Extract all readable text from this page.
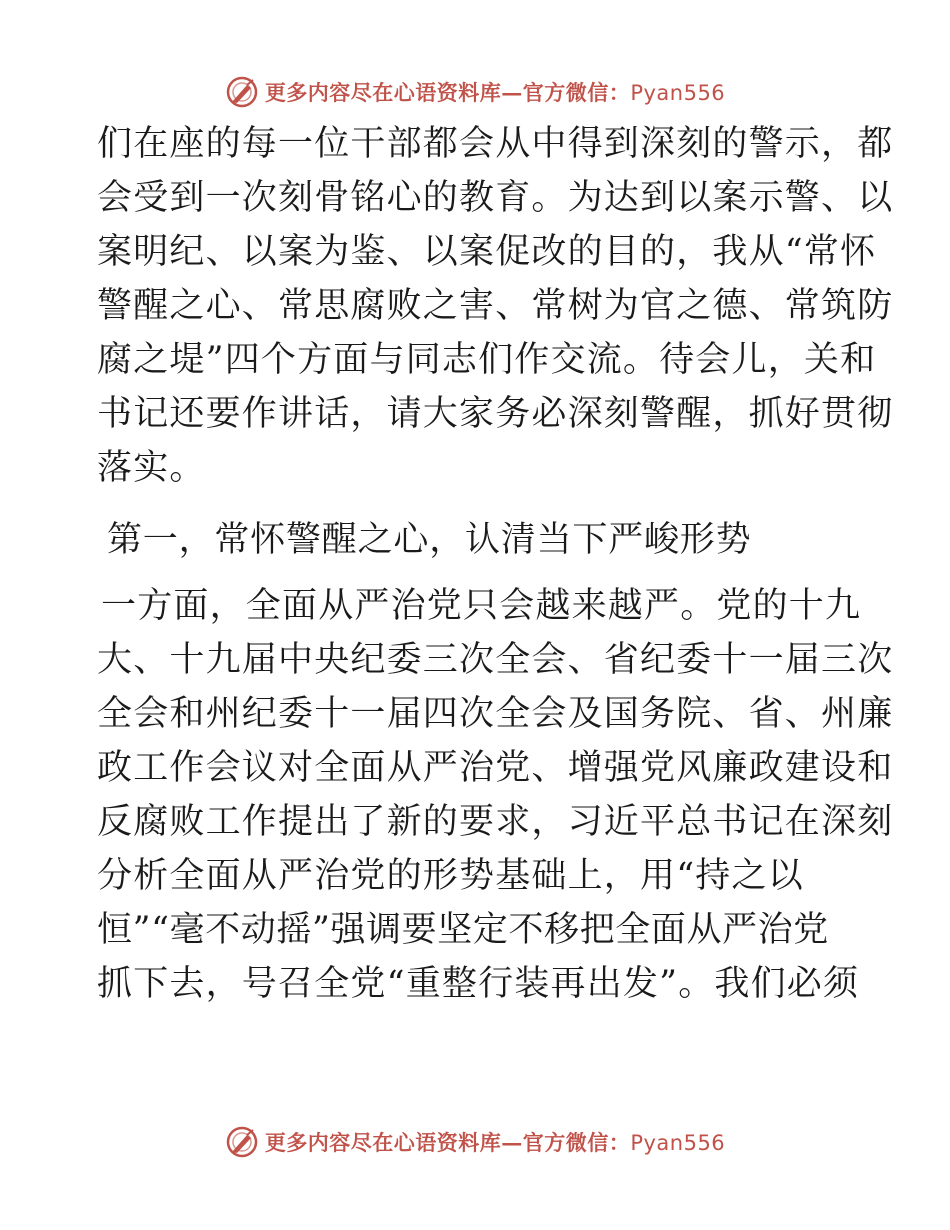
更多内容尽在心语资料库—官方微信：Pyan556
们在座的每一位干部都会从中得到深刻的警示，都
会受到一次刻骨铭心的教育。为达到以案示警、以
案明纪、以案为鉴、以案促改的目的，我从“常怀
警醒之心、常思腐败之害、常树为官之德、常筑防
腐之堤”四个方面与同志们作交流。待会儿，关和
书记还要作讲话，请大家务必深刻警醒，抓好贯彻
落实。
第一，常怀警醒之心，认清当下严峻形势
一方面，全面从严治党只会越来越严。党的十九
大、十九届中央纪委三次全会、省纪委十一届三次
全会和州纪委十一届四次全会及国务院、省、州廉
政工作会议对全面从严治党、增强党风廉政建设和
反腐败工作提出了新的要求，习近平总书记在深刻
分析全面从严治党的形势基础上，用“持之以
恒”“毫不动摇”强调要坚定不移把全面从严治党
抓下去，号召全党“重整行装再出发”。我们必须
更多内容尽在心语资料库—官方微信：Pyan556
